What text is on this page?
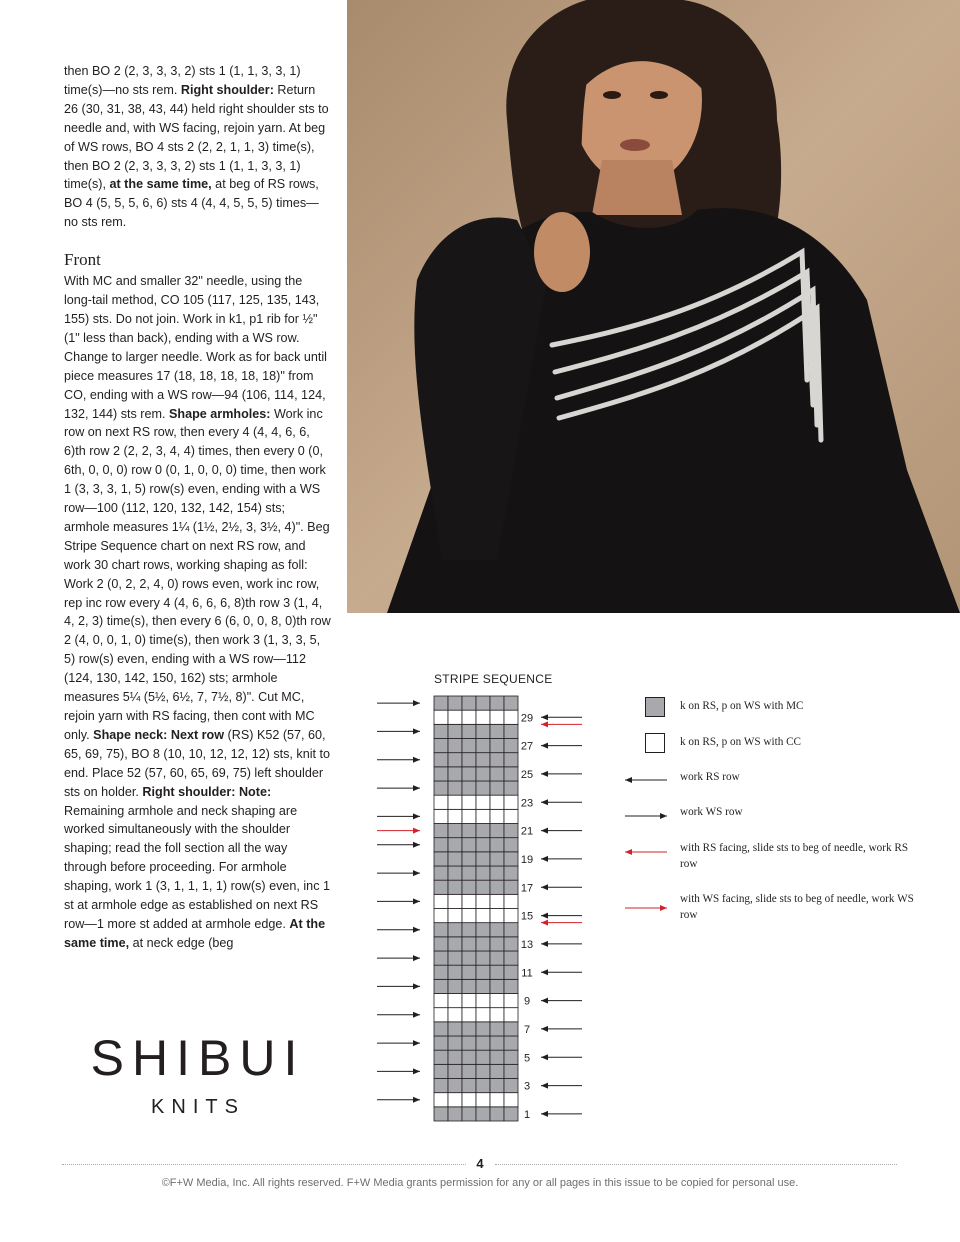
then BO 2 (2, 3, 3, 3, 2) sts 1 (1, 1, 3, 3, 1) time(s)—no sts rem. Right shoulder: Return 26 (30, 31, 38, 43, 44) held right shoulder sts to needle and, with WS facing, rejoin yarn. At beg of WS rows, BO 4 sts 2 (2, 2, 1, 1, 3) time(s), then BO 2 (2, 3, 3, 3, 2) sts 1 (1, 1, 3, 3, 1) time(s), at the same time, at beg of RS rows, BO 4 (5, 5, 5, 6, 6) sts 4 (4, 4, 5, 5, 5) times—no sts rem.

Front

With MC and smaller 32" needle, using the long-tail method, CO 105 (117, 125, 135, 143, 155) sts. Do not join. Work in k1, p1 rib for ½" (1" less than back), ending with a WS row. Change to larger needle. Work as for back until piece measures 17 (18, 18, 18, 18, 18)" from CO, ending with a WS row—94 (106, 114, 124, 132, 144) sts rem. Shape armholes: Work inc row on next RS row, then every 4 (4, 4, 6, 6, 6)th row 2 (2, 2, 3, 4, 4) times, then every 0 (0, 6th, 0, 0, 0) row 0 (0, 1, 0, 0, 0) time, then work 1 (3, 3, 3, 1, 5) row(s) even, ending with a WS row—100 (112, 120, 132, 142, 154) sts; armhole measures 1¼ (1½, 2½, 3, 3½, 4)". Beg Stripe Sequence chart on next RS row, and work 30 chart rows, working shaping as foll: Work 2 (0, 2, 2, 4, 0) rows even, work inc row, rep inc row every 4 (4, 6, 6, 6, 8)th row 3 (1, 4, 4, 2, 3) time(s), then every 6 (6, 0, 0, 8, 0)th row 2 (4, 0, 0, 1, 0) time(s), then work 3 (1, 3, 3, 5, 5) row(s) even, ending with a WS row—112 (124, 130, 142, 150, 162) sts; armhole measures 5¼ (5½, 6½, 7, 7½, 8)". Cut MC, rejoin yarn with RS facing, then cont with MC only. Shape neck: Next row (RS) K52 (57, 60, 65, 69, 75), BO 8 (10, 10, 12, 12, 12) sts, knit to end. Place 52 (57, 60, 65, 69, 75) left shoulder sts on holder. Right shoulder: Note: Remaining armhole and neck shaping are worked simultaneously with the shoulder shaping; read the foll section all the way through before proceeding. For armhole shaping, work 1 (3, 1, 1, 1, 1) row(s) even, inc 1 st at armhole edge as established on next RS row—1 more st added at armhole edge. At the same time, at neck edge (beg

SHIBUI
KNITS
STRIPE SEQUENCE
1
3
5
7
9
11
13
15
17
19
21
23
25
27
29
k on RS, p on WS with MC
k on RS, p on WS with CC
work RS row
work WS row
with RS facing, slide sts to beg of needle, work RS row
with WS facing, slide sts to beg of needle, work WS row
4
©F+W Media, Inc. All rights reserved. F+W Media grants permission for any or all pages in this issue to be copied for personal use.
